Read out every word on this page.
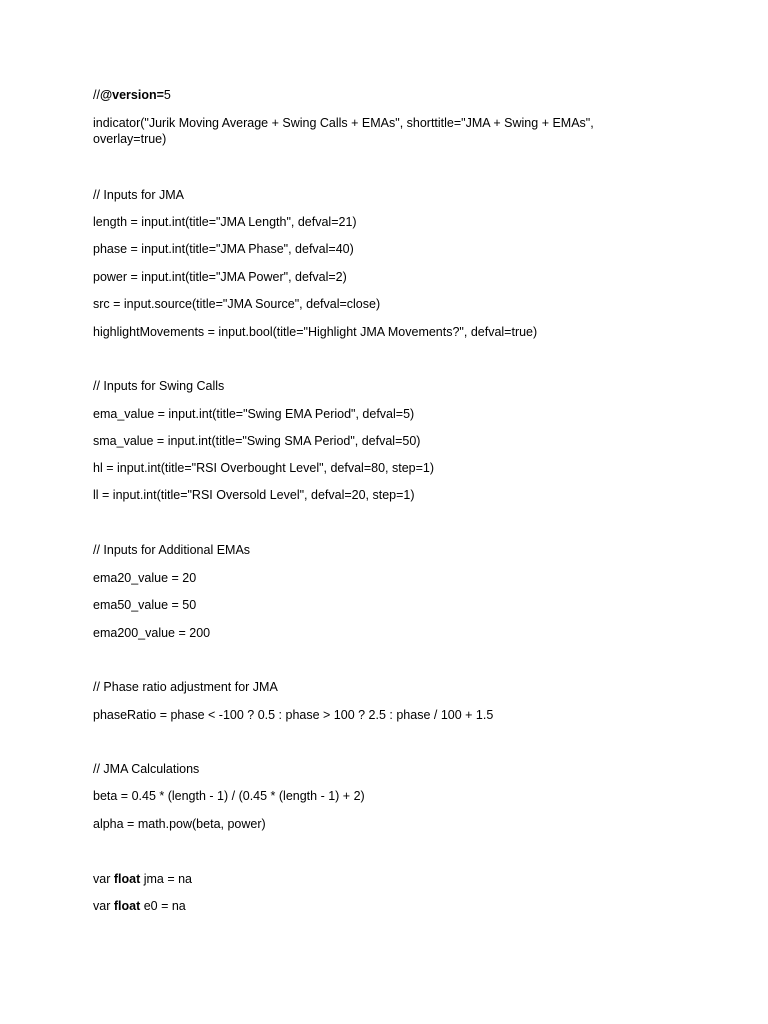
//@version=5
indicator("Jurik Moving Average + Swing Calls + EMAs", shorttitle="JMA + Swing + EMAs", overlay=true)
// Inputs for JMA
length = input.int(title="JMA Length", defval=21)
phase = input.int(title="JMA Phase", defval=40)
power = input.int(title="JMA Power", defval=2)
src = input.source(title="JMA Source", defval=close)
highlightMovements = input.bool(title="Highlight JMA Movements?", defval=true)
// Inputs for Swing Calls
ema_value = input.int(title="Swing EMA Period", defval=5)
sma_value = input.int(title="Swing SMA Period", defval=50)
hl = input.int(title="RSI Overbought Level", defval=80, step=1)
ll = input.int(title="RSI Oversold Level", defval=20, step=1)
// Inputs for Additional EMAs
ema20_value = 20
ema50_value = 50
ema200_value = 200
// Phase ratio adjustment for JMA
phaseRatio = phase < -100 ? 0.5 : phase > 100 ? 2.5 : phase / 100 + 1.5
// JMA Calculations
beta = 0.45 * (length - 1) / (0.45 * (length - 1) + 2)
alpha = math.pow(beta, power)
var float jma = na
var float e0 = na
